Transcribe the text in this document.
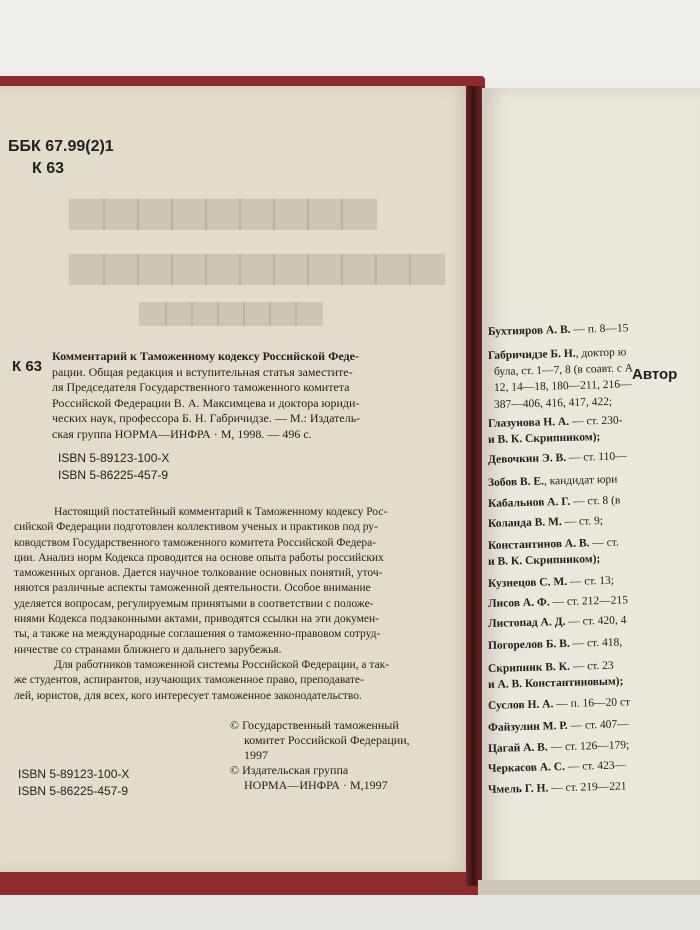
Автор
Бухтияров А. В. — п. 8—15
Габричидзе Б. Н., доктор ю
була, ст. 1—7, 8 (в соавт. с А
12, 14—18, 180—211, 216—
387—406, 416, 417, 422;
Глазунова Н. А. — ст. 230-
и В. К. Скрипником);
Девочкин Э. В. — ст. 110—
Зобов В. Е., кандидат юри
Кабальнов А. Г. — ст. 8 (в
Коланда В. М. — ст. 9;
Константинов А. В. — ст.
и В. К. Скрипником);
Кузнецов С. М. — ст. 13;
Лисов А. Ф. — ст. 212—215
Листопад А. Д. — ст. 420, 4
Погорелов Б. В. — ст. 418,
Скрипник В. К. — ст. 23
и А. В. Константиновым);
Суслов Н. А. — п. 16—20 ст
Файзулин М. Р. — ст. 407—
Цагай А. В. — ст. 126—179;
Черкасов А. С. — ст. 423—
Чмель Г. Н. — ст. 219—221
▆▆▆▆▆▆▆▆▆
▆▆▆▆▆▆▆▆▆▆▆
▆▆▆▆▆▆▆
ББК 67.99(2)1
К 63
К 63
Комментарий к Таможенному кодексу Российской Феде-
рации. Общая редакция и вступительная статья заместите-
ля Председателя Государственного таможенного комитета
Российской Федерации В. А. Максимцева и доктора юриди-
ческих наук, профессора Б. Н. Габричидзе. — М.: Издатель-
ская группа НОРМА—ИНФРА · М, 1998. — 496 с.
ISBN 5-89123-100-X
ISBN 5-86225-457-9
Настоящий постатейный комментарий к Таможенному кодексу Рос-
сийской Федерации подготовлен коллективом ученых и практиков под ру-
ководством Государственного таможенного комитета Российской Федера-
ции. Анализ норм Кодекса проводится на основе опыта работы российских
таможенных органов. Дается научное толкование основных понятий, уточ-
няются различные аспекты таможенной деятельности. Особое внимание
уделяется вопросам, регулируемым принятыми в соответствии с положе-
ниями Кодекса подзаконными актами, приводятся ссылки на эти докумен-
ты, а также на международные соглашения о таможенно-правовом сотруд-
ничестве со странами ближнего и дальнего зарубежья.
Для работников таможенной системы Российской Федерации, а так-
же студентов, аспирантов, изучающих таможенное право, преподавате-
лей, юристов, для всех, кого интересует таможенное законодательство.
© Государственный таможенный
комитет Российской Федерации,
1997
© Издательская группа
НОРМА—ИНФРА · М,1997
ISBN 5-89123-100-X
ISBN 5-86225-457-9
